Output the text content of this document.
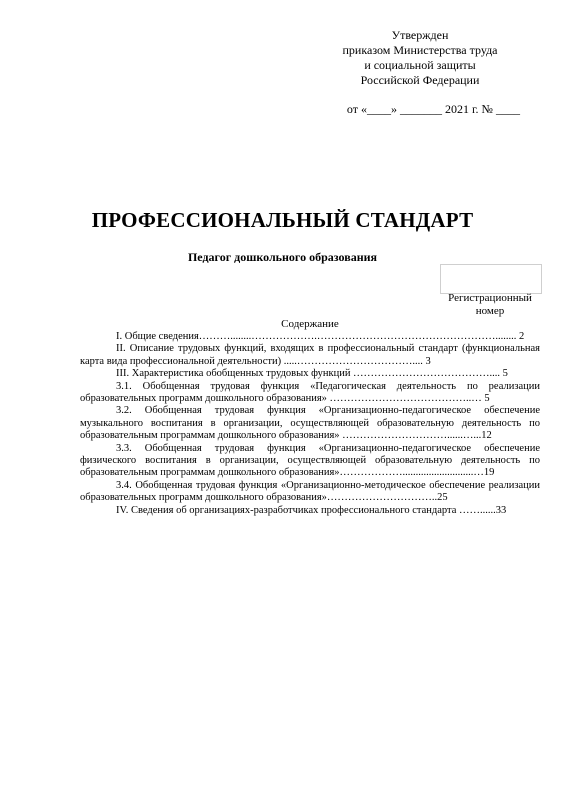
Утвержден
приказом Министерства труда
и социальной защиты
Российской Федерации
от «____» _______ 2021 г. № ____
ПРОФЕССИОНАЛЬНЫЙ СТАНДАРТ
Педагог дошкольного образования
Регистрационный
номер
Содержание
I. Общие сведения………........……………….……………………………………………........ 2
II. Описание трудовых функций, входящих в профессиональный стандарт (функциональная карта вида профессиональной деятельности) .....…………………………….... 3
III. Характеристика обобщенных трудовых функций ………………………………….... 5
3.1. Обобщенная трудовая функция «Педагогическая деятельность по реализации образовательных программ дошкольного образования» …………………………………..… 5
3.2. Обобщенная трудовая функция «Организационно-педагогическое обеспечение музыкального воспитания в организации, осуществляющей образовательную деятельность по образовательным программам дошкольного образования» …………………………......…...12
3.3. Обобщенная трудовая функция «Организационно-педагогическое обеспечение физического воспитания в организации, осуществляющей образовательную деятельность по образовательным программам дошкольного образования»………………...........................…19
3.4. Обобщенная трудовая функция «Организационно-методическое обеспечение реализации образовательных программ дошкольного образования»…………………………..25
IV. Сведения об организациях-разработчиках профессионального стандарта ……......33
